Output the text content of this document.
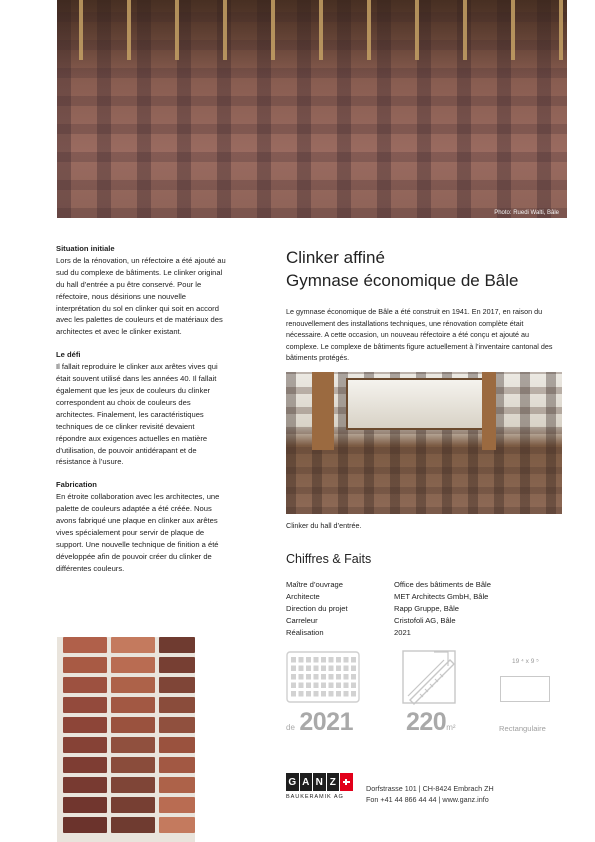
Photo: Ruedi Walti, Bâle
Situation initiale

Lors de la rénovation, un réfectoire a été ajouté au sud du complexe de bâtiments. Le clinker original du hall d’entrée a pu être conservé. Pour le réfectoire, nous désirions une nouvelle interprétation du sol en clinker qui soit en accord avec les palettes de couleurs et de matériaux des architectes et avec le clinker existant.

Le défi

Il fallait reproduire le clinker aux arêtes vives qui était souvent utilisé dans les années 40. Il fallait également que les jeux de couleurs du clinker correspondent au choix de couleurs des architectes. Finalement, les caractéristiques techniques de ce clinker revisité devaient répondre aux exigences actuelles en matière d’utilisation, de pouvoir antidérapant et de résistance à l’usure.

Fabrication

En étroite collaboration avec les architectes, une palette de couleurs adaptée a été créée. Nous avons fabriqué une plaque en clinker aux arêtes vives spécialement pour servir de plaque de support. Une nouvelle technique de finition a été développée afin de pouvoir créer du clinker de différentes couleurs.

Clinker affiné
Gymnase économique de Bâle
Le gymnase économique de Bâle a été construit en 1941. En 2017, en raison du renouvellement des installations techniques, une rénovation complète était nécessaire. A cette occasion, un nouveau réfectoire a été conçu et ajouté au complexe. Le complexe de bâtiments figure actuellement à l’inventaire cantonal des bâtiments protégés.
Clinker du hall d’entrée.
Chiffres & Faits
Maître d’ouvrage	Office des bâtiments de Bâle
Architecte	MET Architects GmbH, Bâle
Direction du projet	Rapp Gruppe, Bâle
Carreleur	Cristofoli AG, Bâle
Réalisation	2021
19 ⁴ x 9 ⁵
de 2021 220m²	Rectangulaire
G A N Z
BAUKERAMIK AG
Dorfstrasse 101 | CH-8424 Embrach ZH
Fon +41 44 866 44 44 | www.ganz.info
